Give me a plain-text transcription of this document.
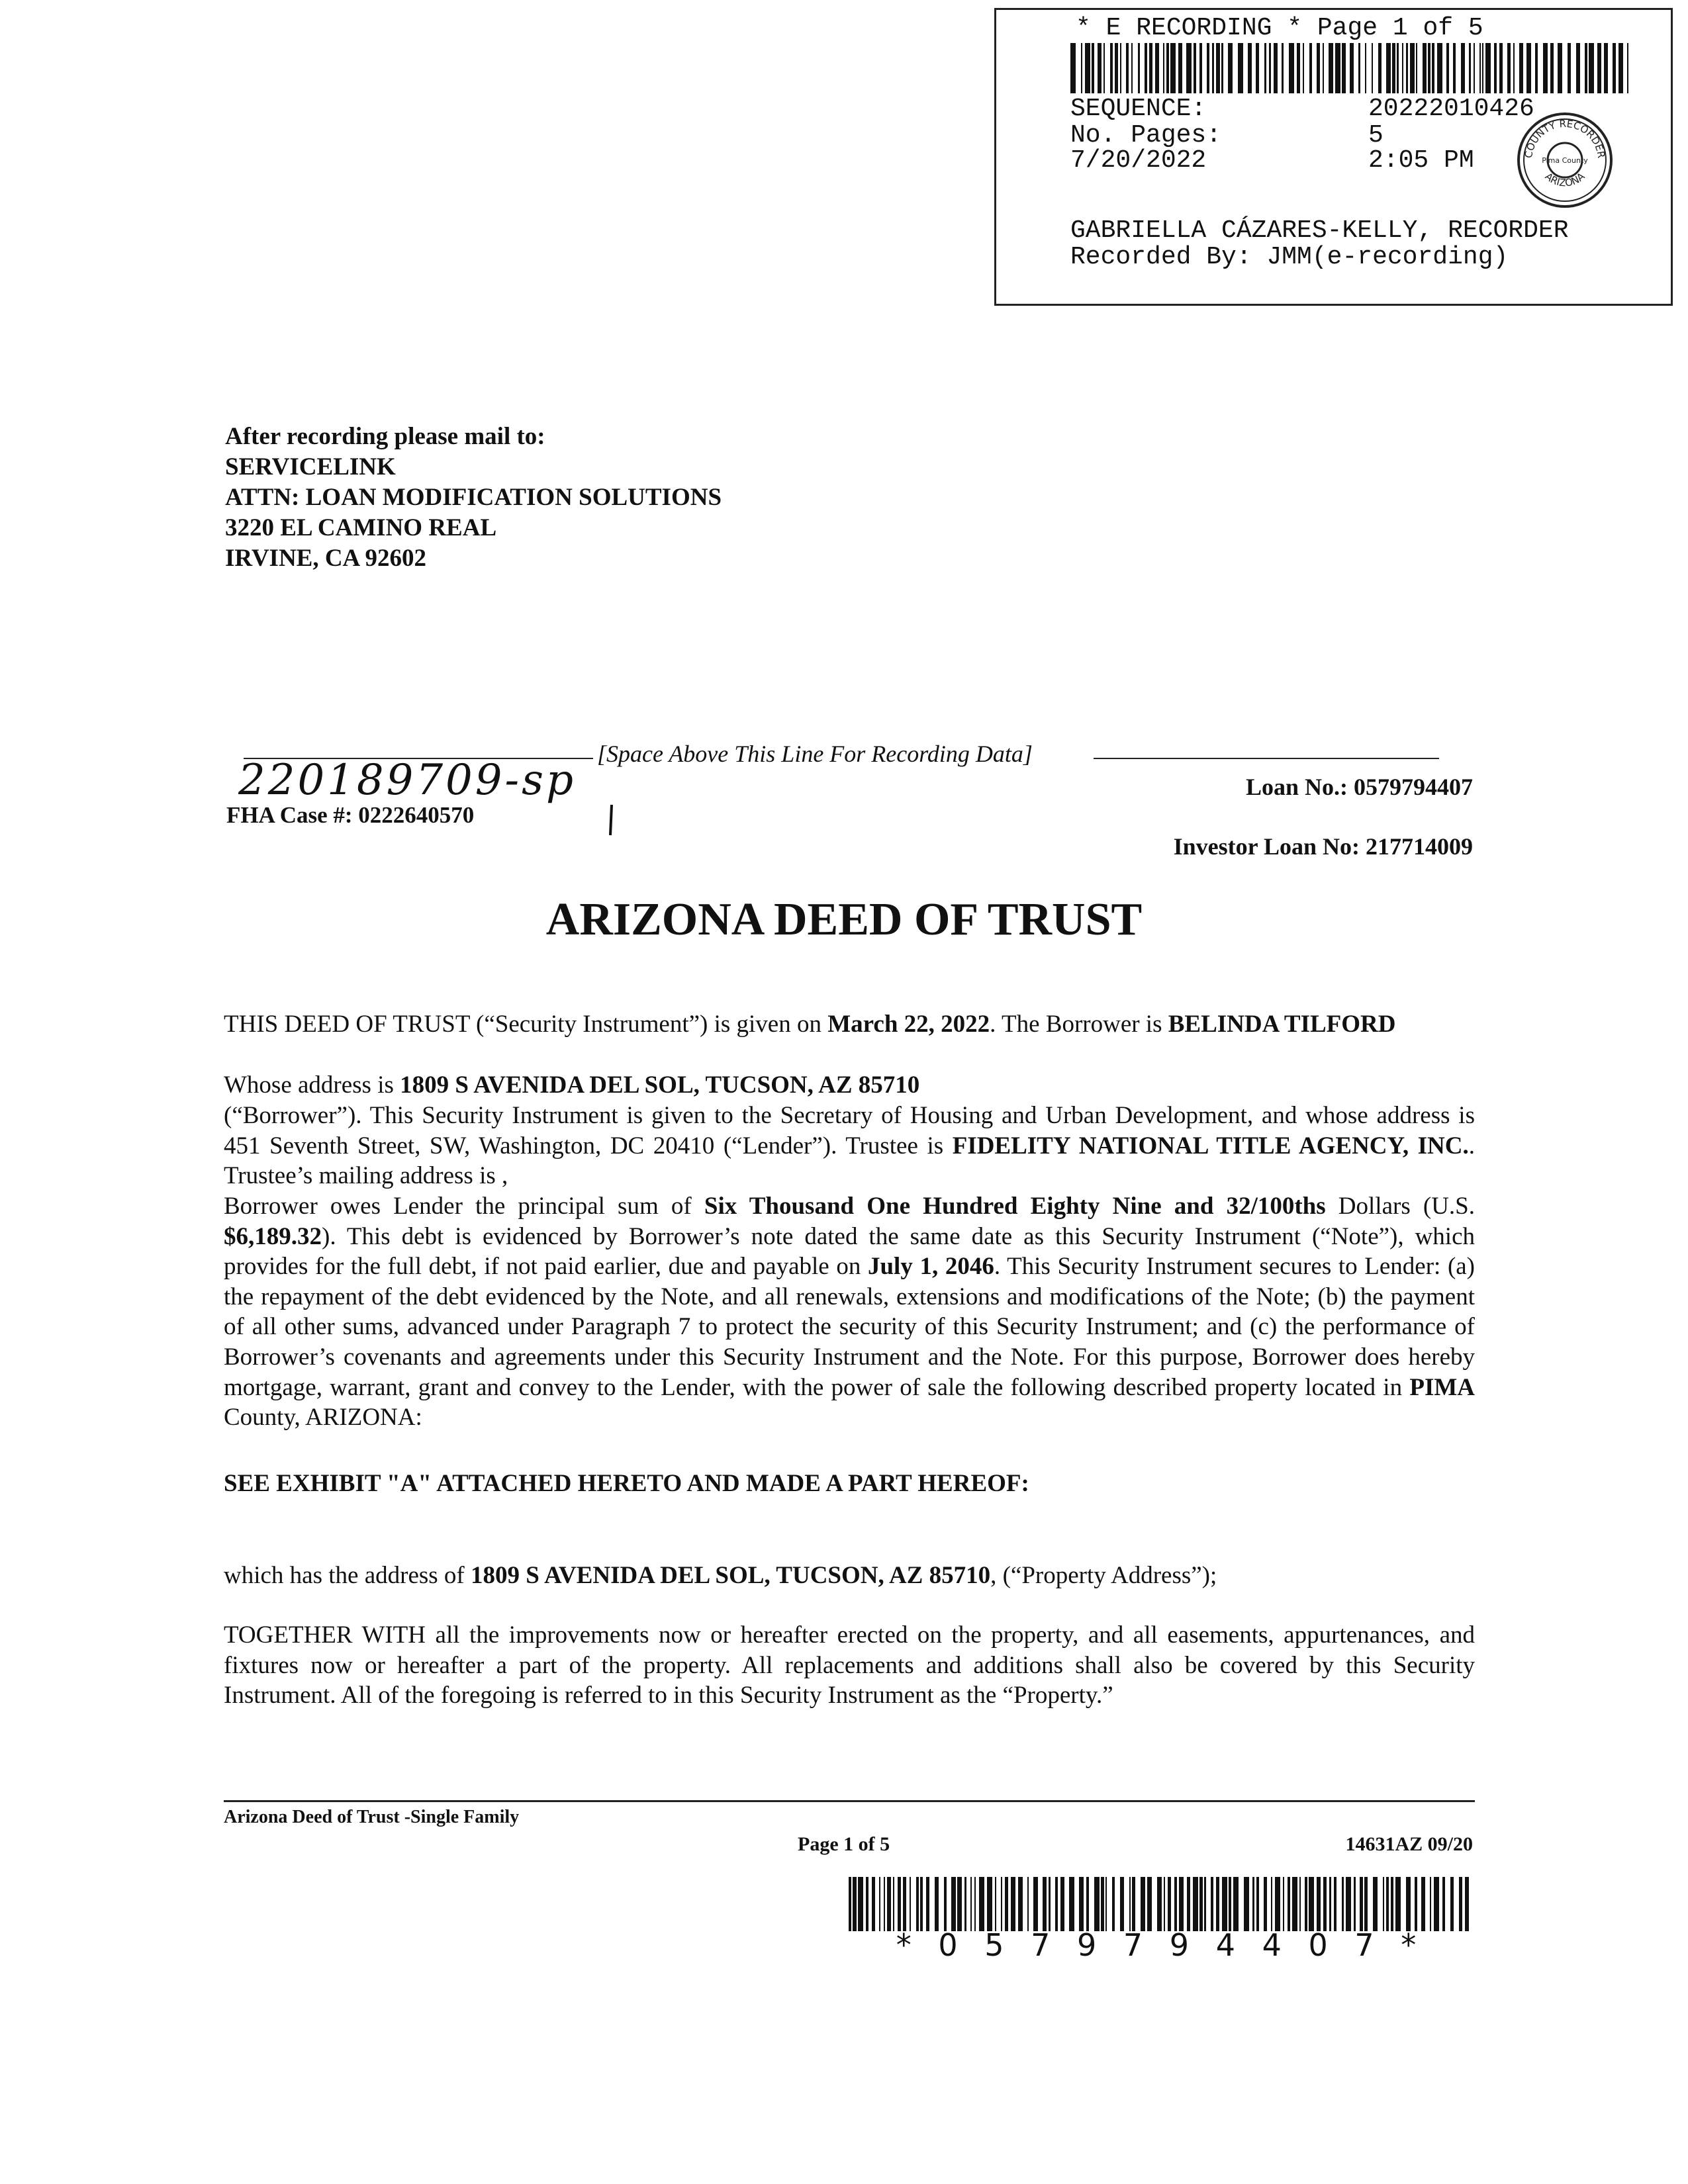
* E RECORDING * Page 1 of 5
SEQUENCE:	20222010426
No. Pages:	5
7/20/2022	2:05 PM	COUNTY RECORDER
Pima County
ARIZONA
GABRIELLA CÁZARES-KELLY, RECORDER
Recorded By: JMM(e-recording)
After recording please mail to:
SERVICELINK
ATTN: LOAN MODIFICATION SOLUTIONS
3220 EL CAMINO REAL
IRVINE, CA 92602
[Space Above This Line For Recording Data]
22018970​9-sp
FHA Case #: 0222640570
Loan No.: 0579794407
Investor Loan No: 217714009
ARIZONA DEED OF TRUST
THIS DEED OF TRUST (“Security Instrument”) is given on March 22, 2022. The Borrower is BELINDA TILFORD
Whose address is 1809 S AVENIDA DEL SOL, TUCSON, AZ 85710
(“Borrower”). This Security Instrument is given to the Secretary of Housing and Urban Development, and whose address is 451 Seventh Street, SW, Washington, DC 20410 (“Lender”). Trustee is FIDELITY NATIONAL TITLE AGENCY, INC.. Trustee’s mailing address is ,
Borrower owes Lender the principal sum of Six Thousand One Hundred Eighty Nine and 32/100ths Dollars (U.S. $6,189.32). This debt is evidenced by Borrower’s note dated the same date as this Security Instrument (“Note”), which provides for the full debt, if not paid earlier, due and payable on July 1, 2046. This Security Instrument secures to Lender: (a) the repayment of the debt evidenced by the Note, and all renewals, extensions and modifications of the Note; (b) the payment of all other sums, advanced under Paragraph 7 to protect the security of this Security Instrument; and (c) the performance of Borrower’s covenants and agreements under this Security Instrument and the Note. For this purpose, Borrower does hereby mortgage, warrant, grant and convey to the Lender, with the power of sale the following described property located in PIMA County, ARIZONA:
SEE EXHIBIT "A" ATTACHED HERETO AND MADE A PART HEREOF:
which has the address of 1809 S AVENIDA DEL SOL, TUCSON, AZ 85710, (“Property Address”);
TOGETHER WITH all the improvements now or hereafter erected on the property, and all easements, appurtenances, and fixtures now or hereafter a part of the property. All replacements and additions shall also be covered by this Security Instrument. All of the foregoing is referred to in this Security Instrument as the “Property.”
Arizona Deed of Trust -Single Family
Page 1 of 5	14631AZ 09/20
* 0 5 7 9 7 9 4 4 0 7 *
